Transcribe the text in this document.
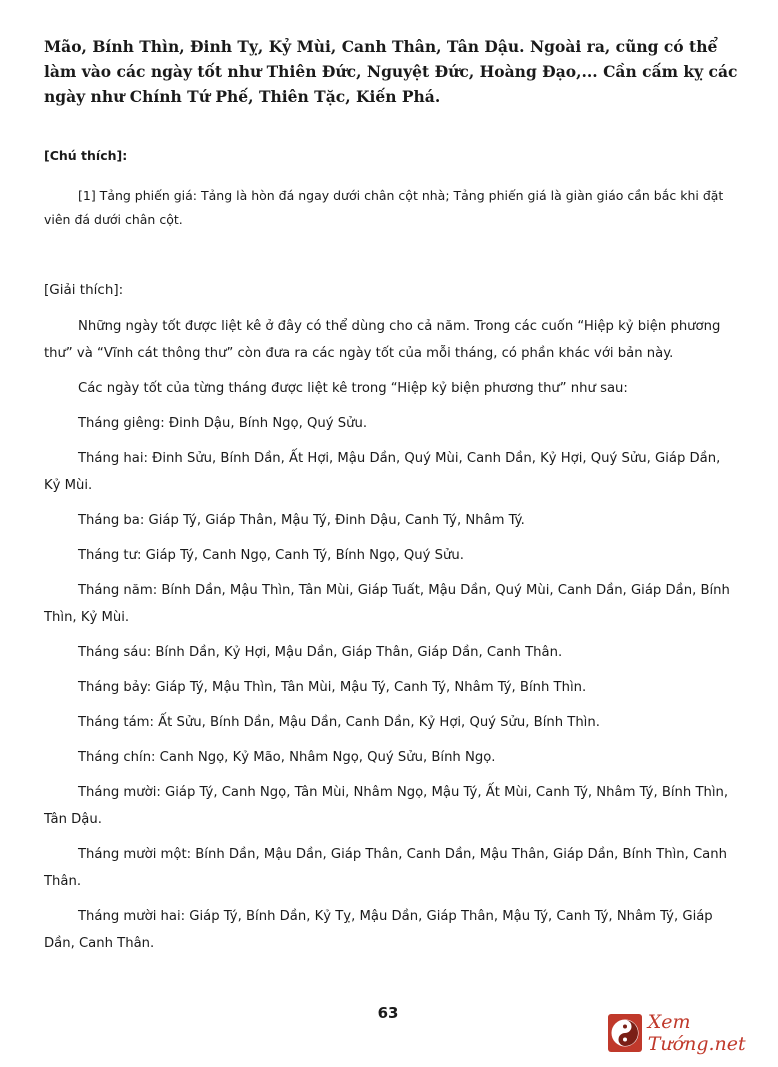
Mão, Bính Thìn, Đinh Tỵ, Kỷ Mùi, Canh Thân, Tân Dậu. Ngoài ra, cũng có thể làm vào các ngày tốt như Thiên Đức, Nguyệt Đức, Hoàng Đạo,... Cần cấm kỵ các ngày như Chính Tứ Phế, Thiên Tặc, Kiến Phá.

[Chú thích]:

[1] Tảng phiến giá: Tảng là hòn đá ngay dưới chân cột nhà; Tảng phiến giá là giàn giáo cần bắc khi đặt viên đá dưới chân cột.

[Giải thích]:

Những ngày tốt được liệt kê ở đây có thể dùng cho cả năm. Trong các cuốn “Hiệp kỷ biện phương thư” và “Vĩnh cát thông thư” còn đưa ra các ngày tốt của mỗi tháng, có phần khác với bản này.

Các ngày tốt của từng tháng được liệt kê trong “Hiệp kỷ biện phương thư” như sau:

Tháng giêng: Đinh Dậu, Bính Ngọ, Quý Sửu.

Tháng hai: Đinh Sửu, Bính Dần, Ất Hợi, Mậu Dần, Quý Mùi, Canh Dần, Kỷ Hợi, Quý Sửu, Giáp Dần, Kỷ Mùi.

Tháng ba: Giáp Tý, Giáp Thân, Mậu Tý, Đinh Dậu, Canh Tý, Nhâm Tý.

Tháng tư: Giáp Tý, Canh Ngọ, Canh Tý, Bính Ngọ, Quý Sửu.

Tháng năm: Bính Dần, Mậu Thìn, Tân Mùi, Giáp Tuất, Mậu Dần, Quý Mùi, Canh Dần, Giáp Dần, Bính Thìn, Kỷ Mùi.

Tháng sáu: Bính Dần, Kỷ Hợi, Mậu Dần, Giáp Thân, Giáp Dần, Canh Thân.

Tháng bảy: Giáp Tý, Mậu Thìn, Tân Mùi, Mậu Tý, Canh Tý, Nhâm Tý, Bính Thìn.

Tháng tám: Ất Sửu, Bính Dần, Mậu Dần, Canh Dần, Kỷ Hợi, Quý Sửu, Bính Thìn.

Tháng chín: Canh Ngọ, Kỷ Mão, Nhâm Ngọ, Quý Sửu, Bính Ngọ.

Tháng mười: Giáp Tý, Canh Ngọ, Tân Mùi, Nhâm Ngọ, Mậu Tý, Ất Mùi, Canh Tý, Nhâm Tý, Bính Thìn, Tân Dậu.

Tháng mười một: Bính Dần, Mậu Dần, Giáp Thân, Canh Dần, Mậu Thân, Giáp Dần, Bính Thìn, Canh Thân.

Tháng mười hai: Giáp Tý, Bính Dần, Kỷ Tỵ, Mậu Dần, Giáp Thân, Mậu Tý, Canh Tý, Nhâm Tý, Giáp Dần, Canh Thân.

63	Xem Tướng.net
